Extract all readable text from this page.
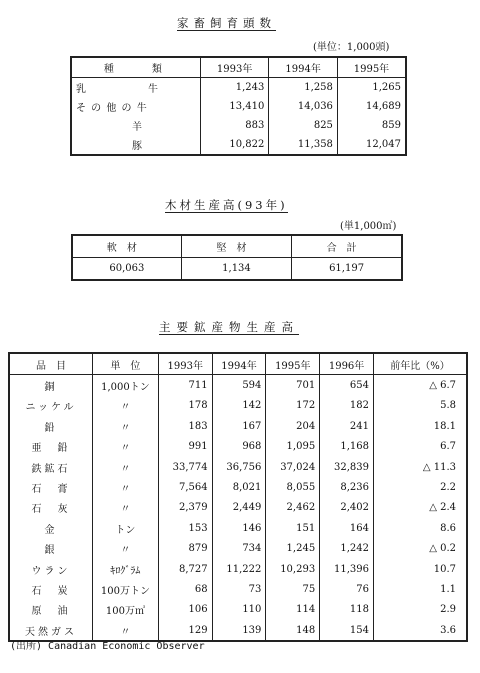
家畜飼育頭数
(単位：1,000頭)
種　　類	1993年	1994年	1995年
乳　　　　　牛	1,243	1,258	1,265
そ の 他 の 牛	13,410	14,036	14,689
羊	883	825	859
豚	10,822	11,358	12,047
木材生産高(93年)
(単1,000㎥)
軟材	堅材	合計
60,063	1,134	61,197
主要鉱産物生産高
品　目	単　位	1993年	1994年	1995年	1996年	前年比（%）
銅	1,000トン	711	594	701	654	△ 6.7
ニッケル	〃	178	142	172	182	5.8
鉛	〃	183	167	204	241	18.1
亜　鉛	〃	991	968	1,095	1,168	6.7
鉄鉱石	〃	33,774	36,756	37,024	32,839	△ 11.3
石　膏	〃	7,564	8,021	8,055	8,236	2.2
石　灰	〃	2,379	2,449	2,462	2,402	△ 2.4
金	トン	153	146	151	164	8.6
銀	〃	879	734	1,245	1,242	△ 0.2
ウラン	ｷﾛｸﾞﾗﾑ	8,727	11,222	10,293	11,396	10.7
石　炭	100万トン	68	73	75	76	1.1
原　油	100万㎥	106	110	114	118	2.9
天然ガス	〃	129	139	148	154	3.6
(出所) Canadian Economic Observer
